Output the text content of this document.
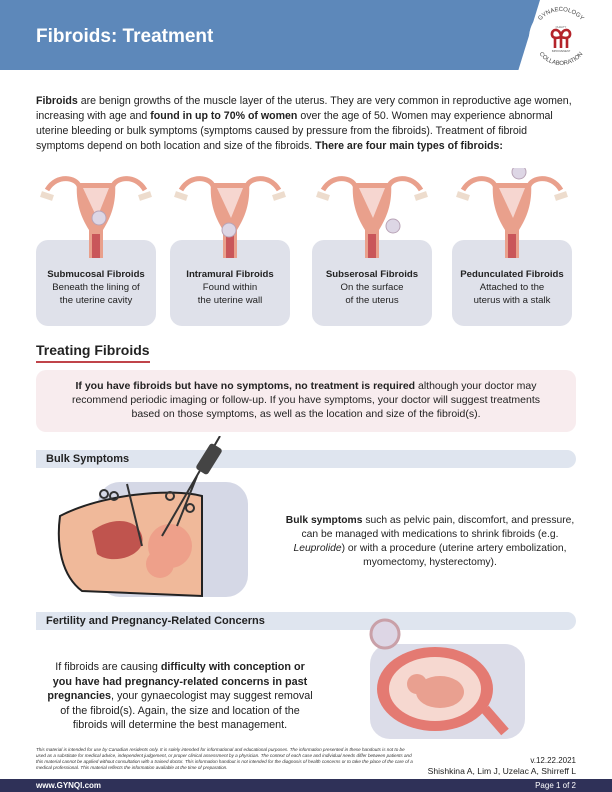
Fibroids: Treatment
GYNAECOLOGY
COLLABORATION
QUALITY
IMPROVEMENT

Fibroids are benign growths of the muscle layer of the uterus. They are very common in reproductive age women, increasing with age and found in up to 70% of women over the age of 50. Women may experience abnormal uterine bleeding or bulk symptoms (symptoms caused by pressure from the fibroids). Treatment of fibroid symptoms depend on both location and size of the fibroids. There are four main types of fibroids:

Submucosal Fibroids
Beneath the lining of
the uterine cavity
Intramural Fibroids
Found within
the uterine wall
Subserosal Fibroids
On the surface
of the uterus
Pedunculated Fibroids
Attached to the
uterus with a stalk
Treating Fibroids
If you have fibroids but have no symptoms, no treatment is required although your doctor may recommend periodic imaging or follow-up. If you have symptoms, your doctor will suggest treatments based on those symptoms, as well as the location and size of the fibroid(s).
Bulk Symptoms

Bulk symptoms such as pelvic pain, discomfort, and pressure, can be managed with medications to shrink fibroids (e.g. Leuprolide) or with a procedure (uterine artery embolization, myomectomy, hysterectomy).

Fertility and Pregnancy-Related Concerns

If fibroids are causing difficulty with conception or you have had pregnancy-related concerns in past pregnancies, your gynaecologist may suggest removal of the fibroid(s). Again, the size and location of the fibroids will determine the best management.

This material is intended for use by Canadian residents only. It is solely intended for informational and educational purposes. The information presented in these handouts is not to be used as a substitute for medical advice, independent judgement, or proper clinical assessment by a physician. The context of each case and individual needs differ between patients and this material cannot be applied without consultation with a trained doctor. This information handout is not intended for the diagnosis of health concerns or to take the place of the care of a medical professional. This material reflects the information available at the time of preparation.

v.12.22.2021
Shishkina A, Lim J, Uzelac A, Shirreff L
www.GYNQI.com	Page 1 of 2
